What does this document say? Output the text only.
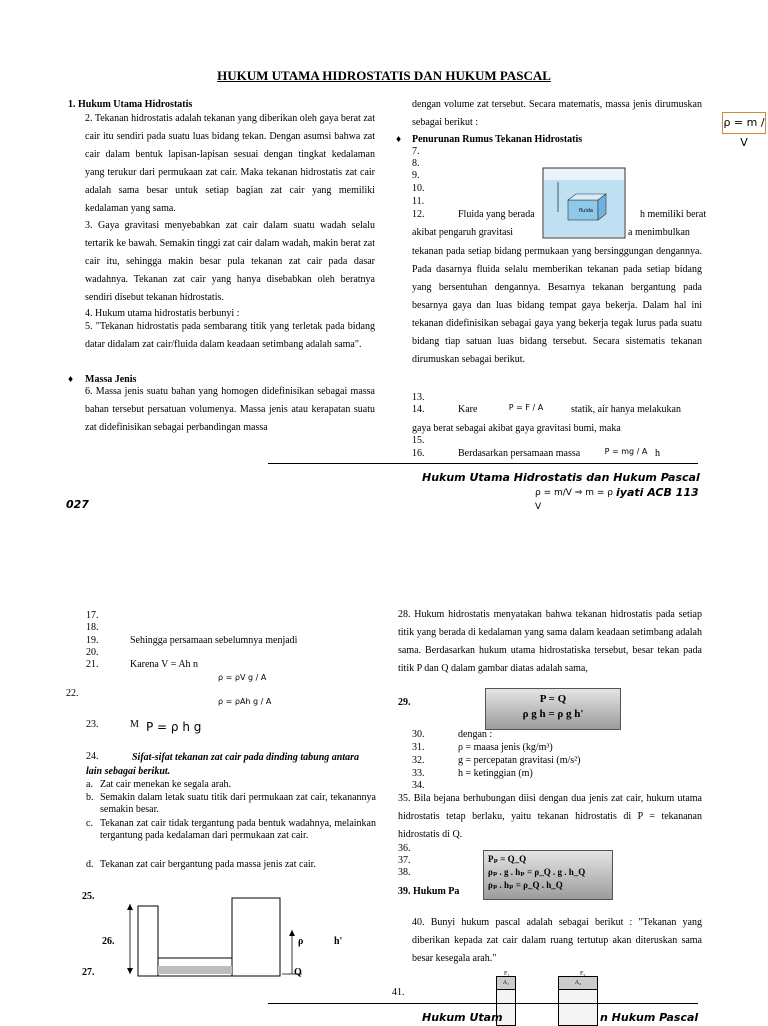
HUKUM UTAMA HIDROSTATIS DAN HUKUM PASCAL
1. Hukum Utama Hidrostatis
2. Tekanan hidrostatis adalah tekanan yang diberikan oleh gaya berat zat cair itu sendiri pada suatu luas bidang tekan. Dengan asumsi bahwa zat cair dalam bentuk lapisan-lapisan sesuai dengan tingkat kedalaman yang terukur dari permukaan zat cair. Maka tekanan hidrostatis zat cair adalah sama besar untuk setiap bagian zat cair yang memiliki kedalaman yang sama.
3. Gaya gravitasi menyebabkan zat cair dalam suatu wadah selalu tertarik ke bawah. Semakin tinggi zat cair dalam wadah, makin berat zat cair itu, sehingga makin besar pula tekanan zat cair pada dasar wadahnya. Tekanan zat cair yang hanya disebabkan oleh beratnya sendiri disebut tekanan hidrostatis.
4. Hukum utama hidrostatis berbunyi :
5. "Tekanan hidrostatis pada sembarang titik yang terletak pada bidang datar didalam zat cair/fluida dalam keadaan setimbang adalah sama".
♦ Massa Jenis
6. Massa jenis suatu bahan yang homogen didefinisikan sebagai massa bahan tersebut persatuan volumenya. Massa jenis atau kerapatan suatu zat didefinisikan sebagai perbandingan massa
dengan volume zat tersebut. Secara matematis, massa jenis dirumuskan sebagai berikut :
♦ Penurunan Rumus Tekanan Hidrostatis
7.
8.
9.
10.
11.
12.	Fluida yang berada	h memiliki berat
akibat pengaruh gravitasi	a menimbulkan
tekanan pada setiap bidang permukaan yang bersinggungan dengannya. Pada dasarnya fluida selalu memberikan tekanan pada setiap bidang yang bersentuhan dengannya. Besarnya tekanan bergantung pada besarnya gaya dan luas bidang tempat gaya bekerja. Dalam hal ini tekanan didefinisikan sebagai gaya yang bekerja tegak lurus pada suatu bidang tiap satuan luas bidang tersebut. Secara sistematis tekanan dirumuskan sebagai berikut.
13.
14.	Kare	statik, air hanya melakukan
gaya berat sebagai akibat gaya gravitasi bumi, maka
15.
16.	Berdasarkan persamaan massa	h
ρ = m / V
P = F / A
P = mg / A
ρ = m/V ⇒ m = ρ V
fluida
Hukum Utama Hidrostatis dan Hukum Pascal
iyati ACB 113
027
17.
18.
19.	Sehingga persamaan sebelumnya menjadi
20.
21.	Karena V = Ah n
ρ = ρV g / A
22.
ρ = ρAh g / A
23.	M P = ρ h g
24.	Sifat-sifat tekanan zat cair pada dinding tabung antara lain sebagai berikut.
a. Zat cair menekan ke segala arah.
b. Semakin dalam letak suatu titik dari permukaan zat cair, tekanannya semakin besar.
c. Tekanan zat cair tidak tergantung pada bentuk wadahnya, melainkan tergantung pada kedalaman dari permukaan zat cair.
d. Tekanan zat cair bergantung pada massa jenis zat cair.
25.
26.
27.
ρ	h'
Q
28. Hukum hidrostatis menyatakan bahwa tekanan hidrostatis pada setiap titik yang berada di kedalaman yang sama dalam keadaan setimbang adalah sama. Berdasarkan hukum utama hidrostatiska tersebut, besar tekan pada titik P dan Q dalam gambar diatas adalah sama,
29.	P = Q
ρ g h = ρ g h'
30.	dengan :
31.	ρ = maasa jenis (kg/m³)
32.	g = percepatan gravitasi (m/s²)
33.	h = ketinggian (m)
34.
35. Bila bejana berhubungan diisi dengan dua jenis zat cair, hukum utama hidrostatis tetap berlaku, yaitu tekanan hidrostatis di P = tekananan hidrostatis di Q.
36.
37.
38.
39. Hukum Pa
Pₚ = Q_Q
ρₚ . g . hₚ = ρ_Q . g . h_Q
ρₚ . hₚ = ρ_Q . h_Q
40. Bunyi hukum pascal adalah sebagai berikut : "Tekanan yang diberikan kepada zat cair dalam ruang tertutup akan diteruskan sama besar kesegala arah."
41.
A₁
F₁
A₂
F₂
Hukum Utam	n Hukum Pascal
